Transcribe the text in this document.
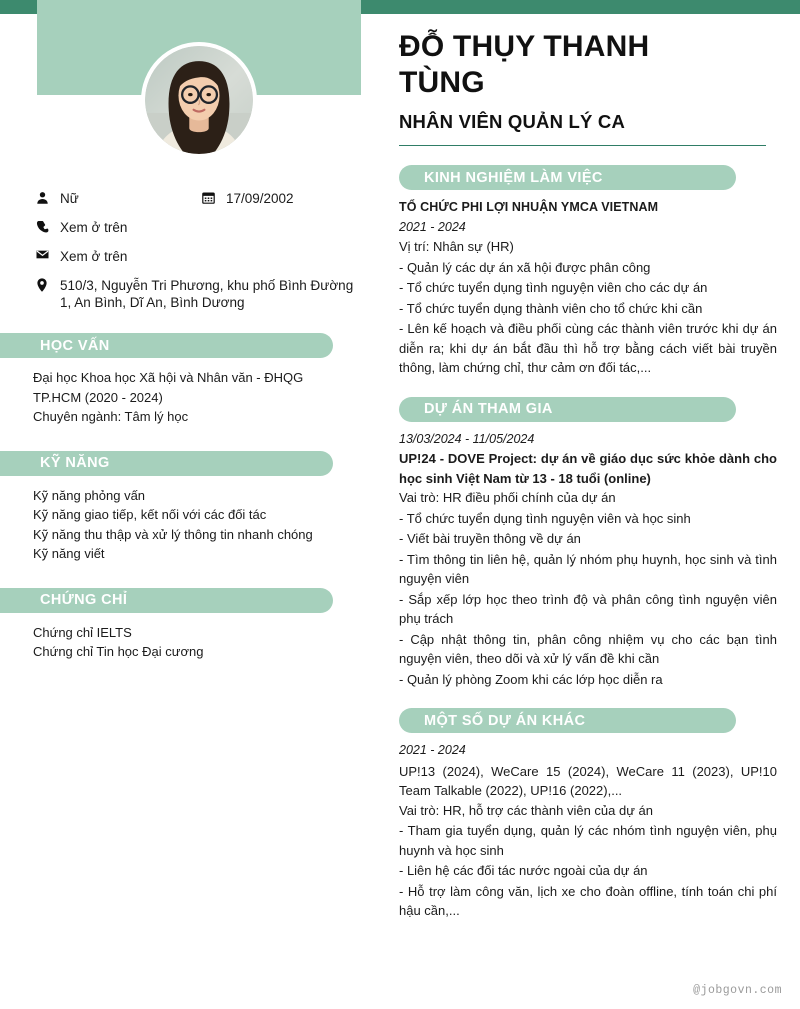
Nữ	17/09/2002
Xem ở trên
Xem ở trên
510/3, Nguyễn Tri Phương, khu phố Bình Đường 1, An Bình, Dĩ An, Bình Dương
HỌC VẤN

Đại học Khoa học Xã hội và Nhân văn - ĐHQG TP.HCM (2020 - 2024)

Chuyên ngành: Tâm lý học

KỸ NĂNG

Kỹ năng phỏng vấn

Kỹ năng giao tiếp, kết nối với các đối tác

Kỹ năng thu thập và xử lý thông tin nhanh chóng

Kỹ năng viết

CHỨNG CHỈ

Chứng chỉ IELTS

Chứng chỉ Tin học Đại cương

ĐỖ THỤY THANH TÙNG
NHÂN VIÊN QUẢN LÝ CA
KINH NGHIỆM LÀM VIỆC

TỔ CHỨC PHI LỢI NHUẬN YMCA VIETNAM

2021 - 2024

Vị trí: Nhân sự (HR)

- Quản lý các dự án xã hội được phân công

- Tổ chức tuyển dụng tình nguyện viên cho các dự án

- Tổ chức tuyển dụng thành viên cho tổ chức khi cần

- Lên kế hoạch và điều phối cùng các thành viên trước khi dự án diễn ra; khi dự án bắt đầu thì hỗ trợ bằng cách viết bài truyền thông, làm chứng chỉ, thư cảm ơn đối tác,...

DỰ ÁN THAM GIA

13/03/2024 - 11/05/2024

UP!24 - DOVE Project: dự án về giáo dục sức khỏe dành cho học sinh Việt Nam từ 13 - 18 tuổi (online)

Vai trò: HR điều phối chính của dự án

- Tổ chức tuyển dụng tình nguyện viên và học sinh

- Viết bài truyền thông về dự án

- Tìm thông tin liên hệ, quản lý nhóm phụ huynh, học sinh và tình nguyện viên

- Sắp xếp lớp học theo trình độ và phân công tình nguyện viên phụ trách

- Cập nhật thông tin, phân công nhiệm vụ cho các bạn tình nguyện viên, theo dõi và xử lý vấn đề khi cần

- Quản lý phòng Zoom khi các lớp học diễn ra

MỘT SỐ DỰ ÁN KHÁC

2021 - 2024

UP!13 (2024), WeCare 15 (2024), WeCare 11 (2023), UP!10 Team Talkable (2022), UP!16 (2022),...

Vai trò: HR, hỗ trợ các thành viên của dự án

- Tham gia tuyển dụng, quản lý các nhóm tình nguyện viên, phụ huynh và học sinh

- Liên hệ các đối tác nước ngoài của dự án

- Hỗ trợ làm công văn, lịch xe cho đoàn offline, tính toán chi phí hậu cần,...

@jobgovn.com
